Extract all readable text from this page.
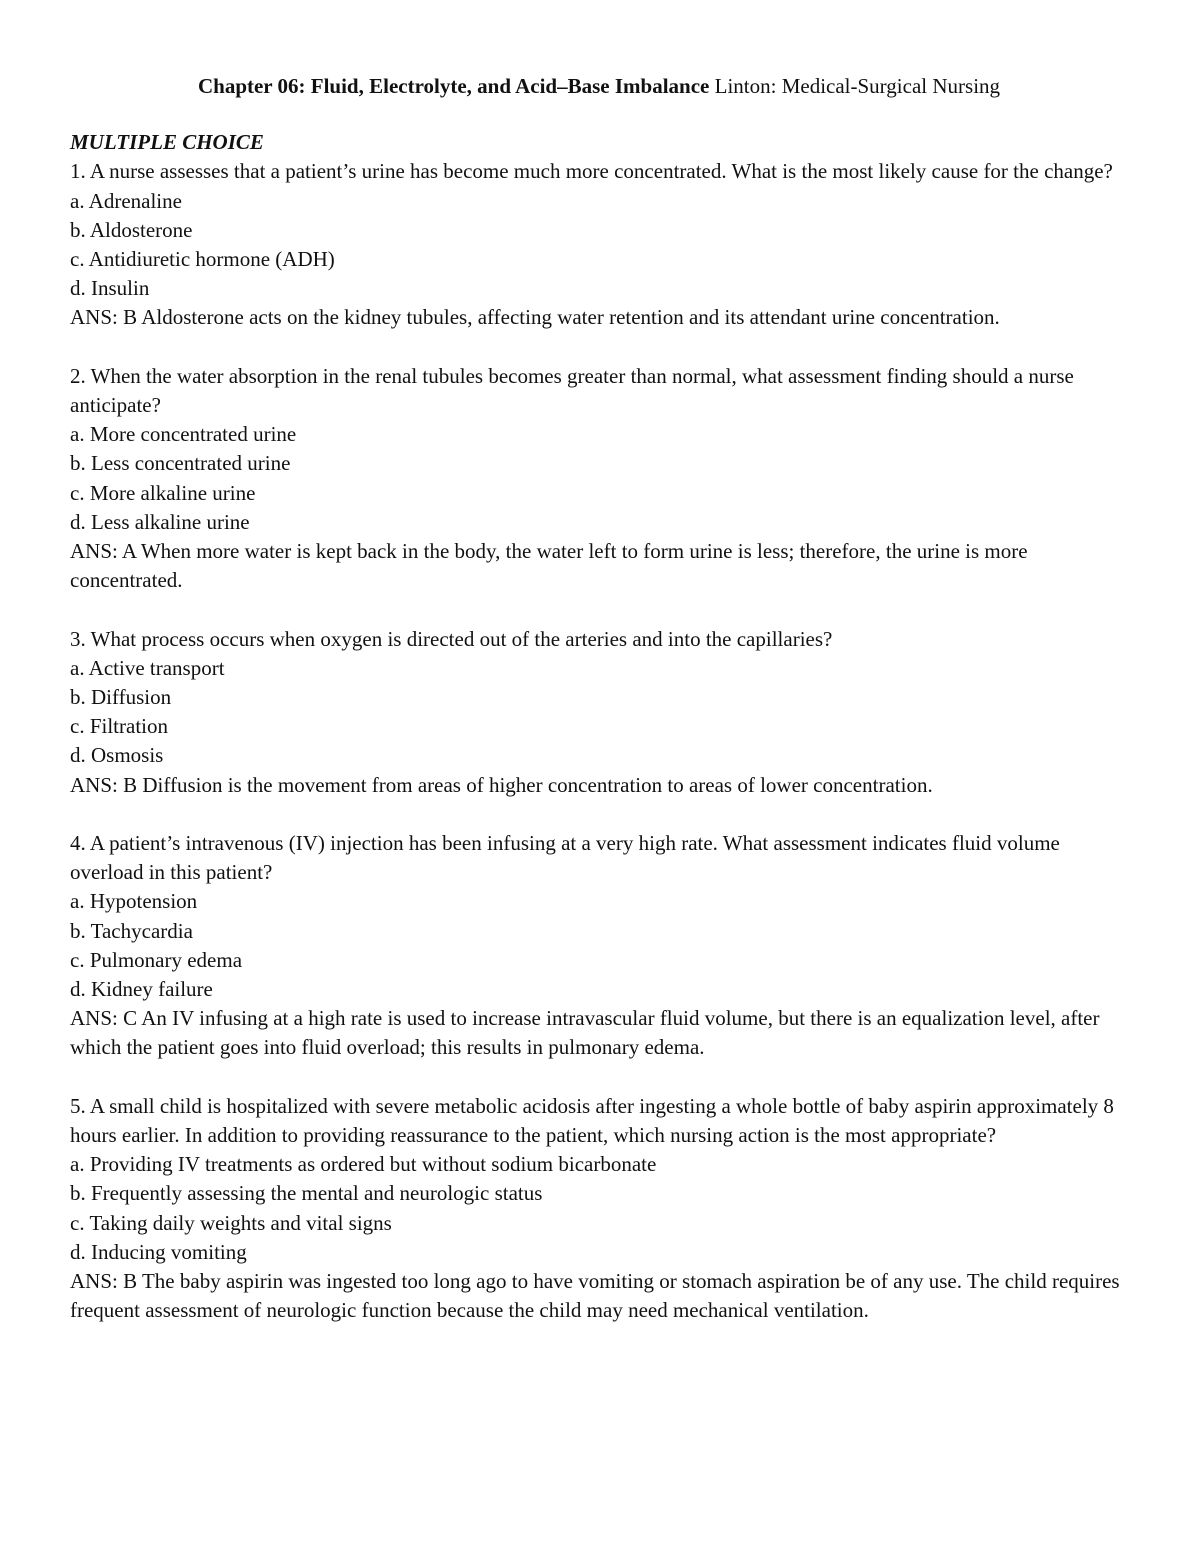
Chapter 06: Fluid, Electrolyte, and Acid–Base Imbalance Linton: Medical-Surgical Nursing
MULTIPLE CHOICE

1. A nurse assesses that a patient’s urine has become much more concentrated. What is the most likely cause for the change?

a. Adrenaline
b. Aldosterone
c. Antidiuretic hormone (ADH)
d. Insulin

ANS: B Aldosterone acts on the kidney tubules, affecting water retention and its attendant urine concentration.

2. When the water absorption in the renal tubules becomes greater than normal, what assessment finding should a nurse anticipate?

a. More concentrated urine
b. Less concentrated urine
c. More alkaline urine
d. Less alkaline urine

ANS: A When more water is kept back in the body, the water left to form urine is less; therefore, the urine is more concentrated.

3. What process occurs when oxygen is directed out of the arteries and into the capillaries?

a. Active transport
b. Diffusion
c. Filtration
d. Osmosis

ANS: B Diffusion is the movement from areas of higher concentration to areas of lower concentration.

4. A patient’s intravenous (IV) injection has been infusing at a very high rate. What assessment indicates fluid volume overload in this patient?

a. Hypotension
b. Tachycardia
c. Pulmonary edema
d. Kidney failure

ANS: C An IV infusing at a high rate is used to increase intravascular fluid volume, but there is an equalization level, after which the patient goes into fluid overload; this results in pulmonary edema.

5. A small child is hospitalized with severe metabolic acidosis after ingesting a whole bottle of baby aspirin approximately 8 hours earlier. In addition to providing reassurance to the patient, which nursing action is the most appropriate?

a. Providing IV treatments as ordered but without sodium bicarbonate
b. Frequently assessing the mental and neurologic status
c. Taking daily weights and vital signs
d. Inducing vomiting

ANS: B The baby aspirin was ingested too long ago to have vomiting or stomach aspiration be of any use. The child requires frequent assessment of neurologic function because the child may need mechanical ventilation.
